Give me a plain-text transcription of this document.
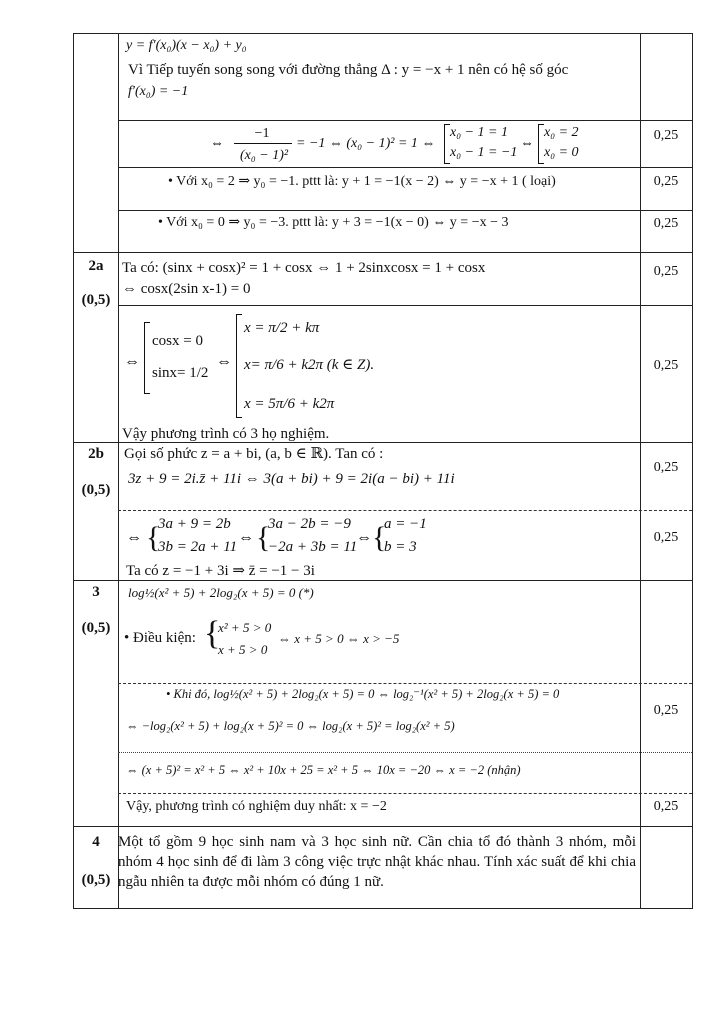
y = f′(x₀)(x − x₀) + y₀
Vì Tiếp tuyến song song với đường thẳng Δ : y = −x + 1 nên có hệ số góc
f′(x₀) = −1
⇔
−1
(x₀ − 1)²
= −1 ⇔ (x₀ − 1)² = 1 ⇔
x₀ − 1 = 1
x₀ − 1 = −1
⇔
x₀ = 2
x₀ = 0
• Với x₀ = 2 ⇒ y₀ = −1. pttt là: y + 1 = −1(x − 2) ⇔ y = −x + 1 ( loại)
• Với x₀ = 0 ⇒ y₀ = −3. pttt là: y + 3 = −1(x − 0) ⇔ y = −x − 3
0,25
0,25
0,25
2a
(0,5)
Ta có: (sinx + cosx)² = 1 + cosx ⇔ 1 + 2sinxcosx = 1 + cosx
⇔ cosx(2sin x-1) = 0
⇔
cosx = 0
sinx= 1/2
⇔
x = π/2 + kπ
x= π/6 + k2π (k ∈ Z).
x = 5π/6 + k2π
Vậy phương trình có 3 họ nghiệm.
0,25
0,25
2b
(0,5)
Gọi số phức z = a + bi, (a, b ∈ ℝ). Tan có :
3z + 9 = 2i.z̄ + 11i ⇔ 3(a + bi) + 9 = 2i(a − bi) + 11i
⇔ {
3a + 9 = 2b
3b = 2a + 11
⇔ {
3a − 2b = −9
−2a + 3b = 11
⇔ {
a = −1
b = 3
Ta có z = −1 + 3i ⇒ z̄ = −1 − 3i
0,25
0,25
3
(0,5)
log½(x² + 5) + 2log₂(x + 5) = 0 (*)
• Điều kiện: {
x² + 5 > 0
x + 5 > 0
⇔ x + 5 > 0 ⇔ x > −5
• Khi đó, log½(x² + 5) + 2log₂(x + 5) = 0 ⇔ log₂⁻¹(x² + 5) + 2log₂(x + 5) = 0
⇔ −log₂(x² + 5) + log₂(x + 5)² = 0 ⇔ log₂(x + 5)² = log₂(x² + 5)
⇔ (x + 5)² = x² + 5 ⇔ x² + 10x + 25 = x² + 5 ⇔ 10x = −20 ⇔ x = −2 (nhận)
Vậy, phương trình có nghiệm duy nhất: x = −2
0,25
0,25
4
(0,5)
Một tổ gồm 9 học sinh nam và 3 học sinh nữ. Cần chia tổ đó thành 3 nhóm, mỗi nhóm 4 học sinh để đi làm 3 công việc trực nhật khác nhau. Tính xác suất để khi chia ngẫu nhiên ta được mỗi nhóm có đúng 1 nữ.
